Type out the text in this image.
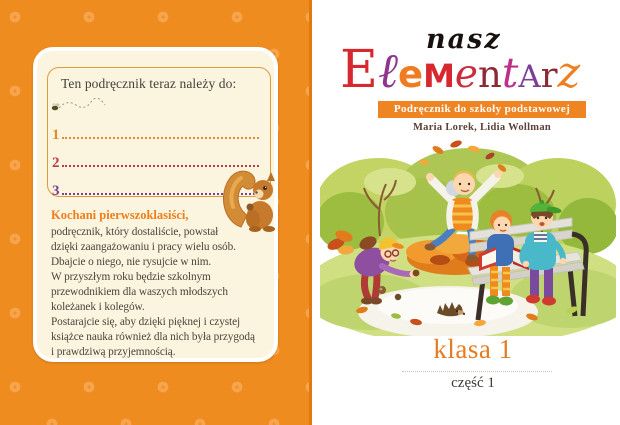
Ten podręcznik teraz należy do:
1
2
3
Kochani pierwszoklasiści,
podręcznik, który dostaliście, powstał
dzięki zaangażowaniu i pracy wielu osób.
Dbajcie o niego, nie rysujcie w nim.
W przyszłym roku będzie szkolnym
przewodnikiem dla waszych młodszych
koleżanek i kolegów.
Postarajcie się, aby dzięki pięknej i czystej
książce nauka również dla nich była przygodą
i prawdziwą przyjemnością.
nasz
EℓeMentArz
Podręcznik do szkoły podstawowej
Maria Lorek, Lidia Wollman
klasa 1
część 1
